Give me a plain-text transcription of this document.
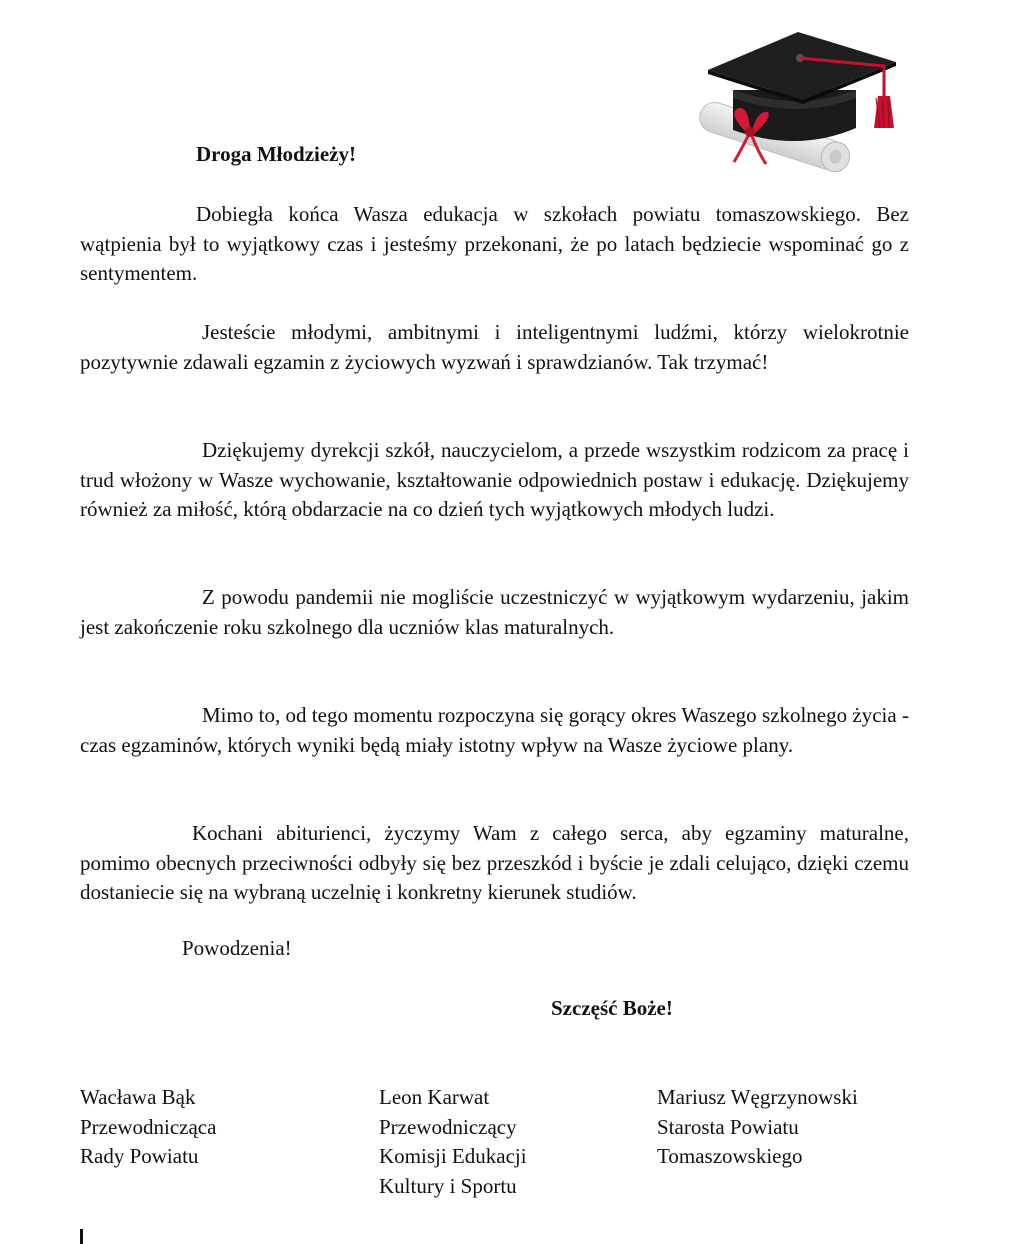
Droga Młodzieży!

Dobiegła końca Wasza edukacja w szkołach powiatu tomaszowskiego. Bez wątpienia był to wyjątkowy czas i jesteśmy przekonani, że po latach będziecie wspominać go z sentymentem.

Jesteście młodymi, ambitnymi i inteligentnymi ludźmi, którzy wielokrotnie pozytywnie zdawali egzamin z życiowych wyzwań i sprawdzianów. Tak trzymać!

Dziękujemy dyrekcji szkół, nauczycielom, a przede wszystkim rodzicom za pracę i trud włożony w Wasze wychowanie, kształtowanie odpowiednich postaw i edukację. Dziękujemy również za miłość, którą obdarzacie na co dzień tych wyjątkowych młodych ludzi.

Z powodu pandemii nie mogliście uczestniczyć w wyjątkowym wydarzeniu, jakim jest zakończenie roku szkolnego dla uczniów klas maturalnych.

Mimo to, od tego momentu rozpoczyna się gorący okres Waszego szkolnego życia - czas egzaminów, których wyniki będą miały istotny wpływ na Wasze życiowe plany.

Kochani abiturienci, życzymy Wam z całego serca, aby egzaminy maturalne, pomimo obecnych przeciwności odbyły się bez przeszkód i byście je zdali celująco, dzięki czemu dostaniecie się na wybraną uczelnię i konkretny kierunek studiów.

Powodzenia!

Szczęść Boże!

Wacława Bąk
Przewodnicząca
Rady Powiatu
Leon Karwat
Przewodniczący
Komisji Edukacji
Kultury i Sportu
Mariusz Węgrzynowski
Starosta Powiatu
Tomaszowskiego
